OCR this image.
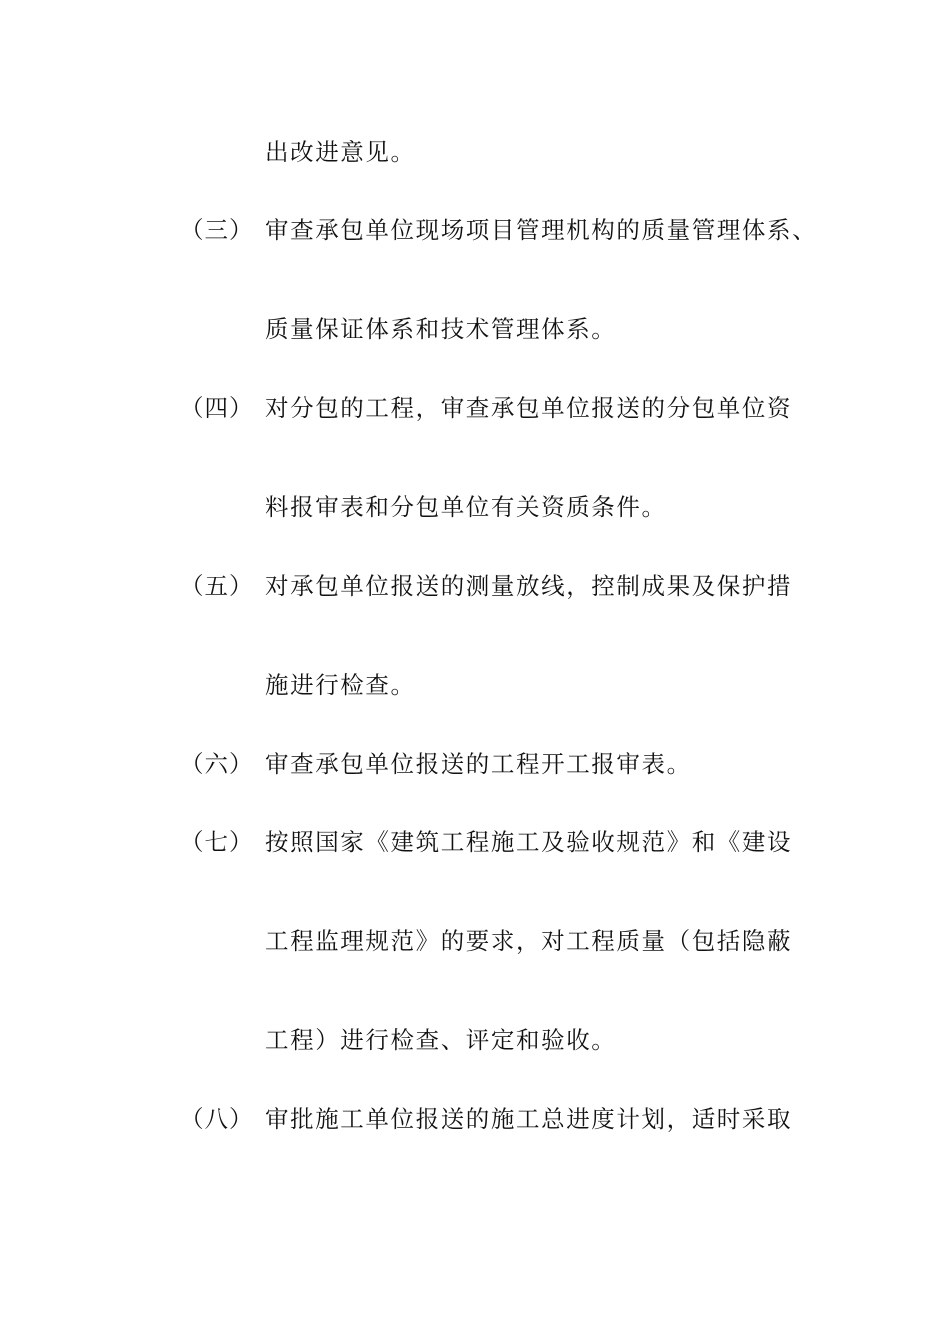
出改进意见。
（三） 审查承包单位现场项目管理机构的质量管理体系、
质量保证体系和技术管理体系。
（四） 对分包的工程，审查承包单位报送的分包单位资
料报审表和分包单位有关资质条件。
（五） 对承包单位报送的测量放线，控制成果及保护措
施进行检查。
（六） 审查承包单位报送的工程开工报审表。
（七） 按照国家《建筑工程施工及验收规范》和《建设
工程监理规范》的要求，对工程质量（包括隐蔽
工程）进行检查、评定和验收。
（八） 审批施工单位报送的施工总进度计划，适时采取
